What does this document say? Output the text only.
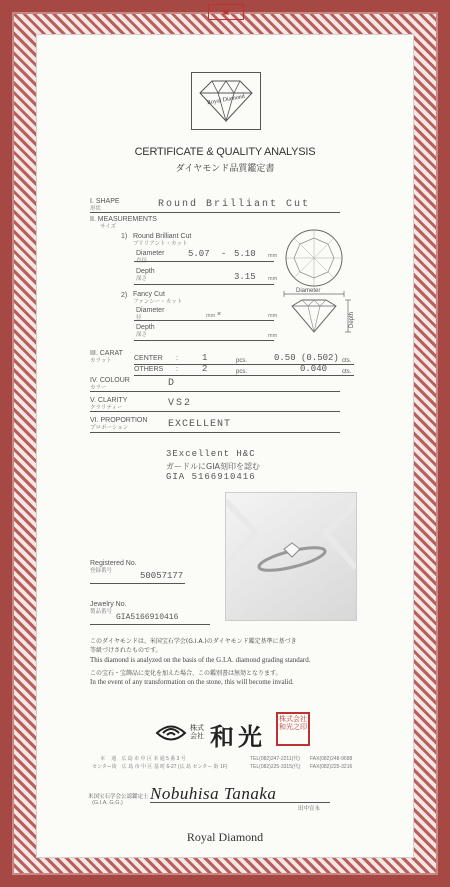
▣
Royal Diamond
CERTIFICATE & QUALITY ANALYSIS
ダイヤモンド品質鑑定書
I. SHAPE
形状	Round Brilliant Cut
II. MEASUREMENTS
サイズ
1) Round Brilliant Cut
ブリリアント・カット
Diameter
直径
5.07 - 5.10 mm
Depth
深さ	3.15 mm
2) Fancy Cut
ファンシー・カット
Diameter
径	mm ×	mm
Depth
深さ	mm
Diameter
Depth
III. CARAT
カラット	CENTER :	1	pcs.	0.50 (0.502) cts.
OTHERS :	2	pcs.	0.040 cts.
IV. COLOUR
カラー	D
V. CLARITY
クラリティー	VS2
VI. PROPORTION
プロポーション	EXCELLENT
3Excellent H&C
ガードルにGIA刻印を認む
GIA 5166910416
Registered No.
登録番号	50057177
Jewelry No.
製品番号
GIA5166910416
このダイヤモンドは、米国宝石学会(G.I.A.)のダイヤモンド鑑定基準に基づき
等級づけされたものです。
This diamond is analyzed on the basis of the G.I.A. diamond grading standard.
この宝石・宝飾品に変化を加えた場合、この鑑別書は無効となります。
In the event of any transformation on the stone, this will become invalid.
株式会社 和光
株式会社和光之印
本 　通　広 島 市 中 区 本 通 5 番 3 号	TEL(082)247-2211(代) FAX(082)248-9688
センター街　広 島 市 中 区 基 町 6-27 (広 島 センター 街 1F)	TEL(082)225-3315(代) FAX(082)225-3216
米国宝石学会公認鑑定士
(G.I.A. G.G.) Nobuhisa Tanaka
田中宣永
Royal Diamond
